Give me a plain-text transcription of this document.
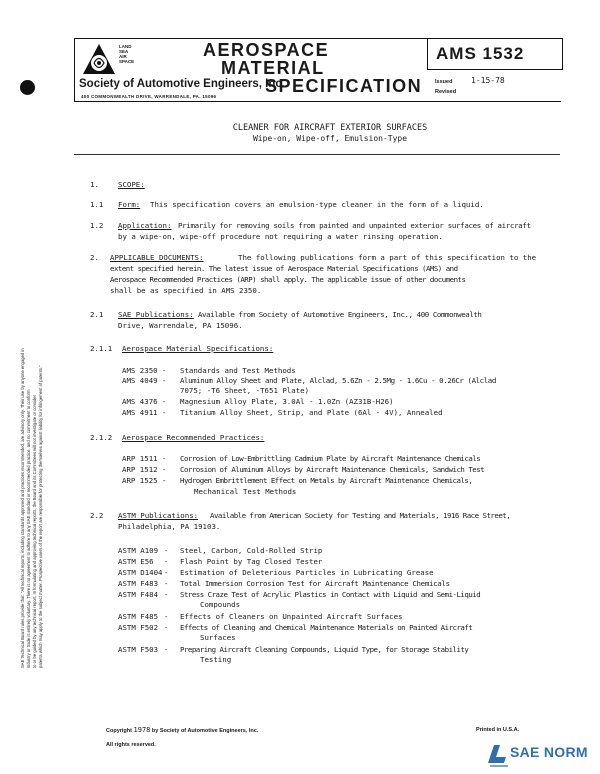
LAND
SEA
AIR
SPACE
AEROSPACE
MATERIAL
SPECIFICATION
Society of Automotive Engineers, Inc.
400 COMMONWEALTH DRIVE, WARRENDALE, PA. 15096
AMS 1532
Issued 1-15-78
Revised
SAE Technical Board rules provide that: "All technical reports, including standards approved and practices recommended, are advisory only. Their use by anyone engaged in industry or trade is entirely voluntary. There is no agreement to adhere to any SAE standard or recommended practice, and no commitment to conform to or be guided by any technical report. In formulating and approving technical reports, the Board and its Committees will not investigate or consider patents which may apply to the subject matter. Prospective users of the report are responsible for protecting themselves against liability for infringement of patents."
CLEANER FOR AIRCRAFT EXTERIOR SURFACES
Wipe-on, Wipe-off, Emulsion-Type
1.	SCOPE:
1.1 Form: This specification covers an emulsion-type cleaner in the form of a liquid.
1.2 Application: Primarily for removing soils from painted and unpainted exterior surfaces of aircraft
by a wipe-on, wipe-off procedure not requiring a water rinsing operation.
2. APPLICABLE DOCUMENTS:	The following publications form a part of this specification to the
extent specified herein. The latest issue of Aerospace Material Specifications (AMS) and
Aerospace Recommended Practices (ARP) shall apply. The applicable issue of other documents
shall be as specified in AMS 2350.
2.1 SAE Publications: Available from Society of Automotive Engineers, Inc., 400 Commonwealth
Drive, Warrendale, PA 15096.
2.1.1 Aerospace Material Specifications:
AMS 2350 - Standards and Test Methods
AMS 4049 - Aluminum Alloy Sheet and Plate, Alclad, 5.6Zn - 2.5Mg - 1.6Cu - 0.26Cr (Alclad
7075; -T6 Sheet, -T651 Plate)
AMS 4376 - Magnesium Alloy Plate, 3.0Al - 1.0Zn (AZ31B-H26)
AMS 4911 - Titanium Alloy Sheet, Strip, and Plate (6Al - 4V), Annealed
2.1.2 Aerospace Recommended Practices:
ARP 1511 - Corrosion of Low-Embrittling Cadmium Plate by Aircraft Maintenance Chemicals
ARP 1512 - Corrosion of Aluminum Alloys by Aircraft Maintenance Chemicals, Sandwich Test
ARP 1525 - Hydrogen Embrittlement Effect on Metals by Aircraft Maintenance Chemicals,
Mechanical Test Methods
2.2 ASTM Publications: Available from American Society for Testing and Materials, 1916 Race Street,
Philadelphia, PA 19103.
ASTM A109 - Steel, Carbon, Cold-Rolled Strip
ASTM E56 - Flash Point by Tag Closed Tester
ASTM D1404 - Estimation of Deleterious Particles in Lubricating Grease
ASTM F483 - Total Immersion Corrosion Test for Aircraft Maintenance Chemicals
ASTM F484 - Stress Craze Test of Acrylic Plastics in Contact with Liquid and Semi-Liquid
Compounds
ASTM F485 - Effects of Cleaners on Unpainted Aircraft Surfaces
ASTM F502 - Effects of Cleaning and Chemical Maintenance Materials on Painted Aircraft
Surfaces
ASTM F503 - Preparing Aircraft Cleaning Compounds, Liquid Type, for Storage Stability
Testing
Copyright 1978 by Society of Automotive Engineers, Inc.
All rights reserved.
Printed in U.S.A.
SAE NORM
